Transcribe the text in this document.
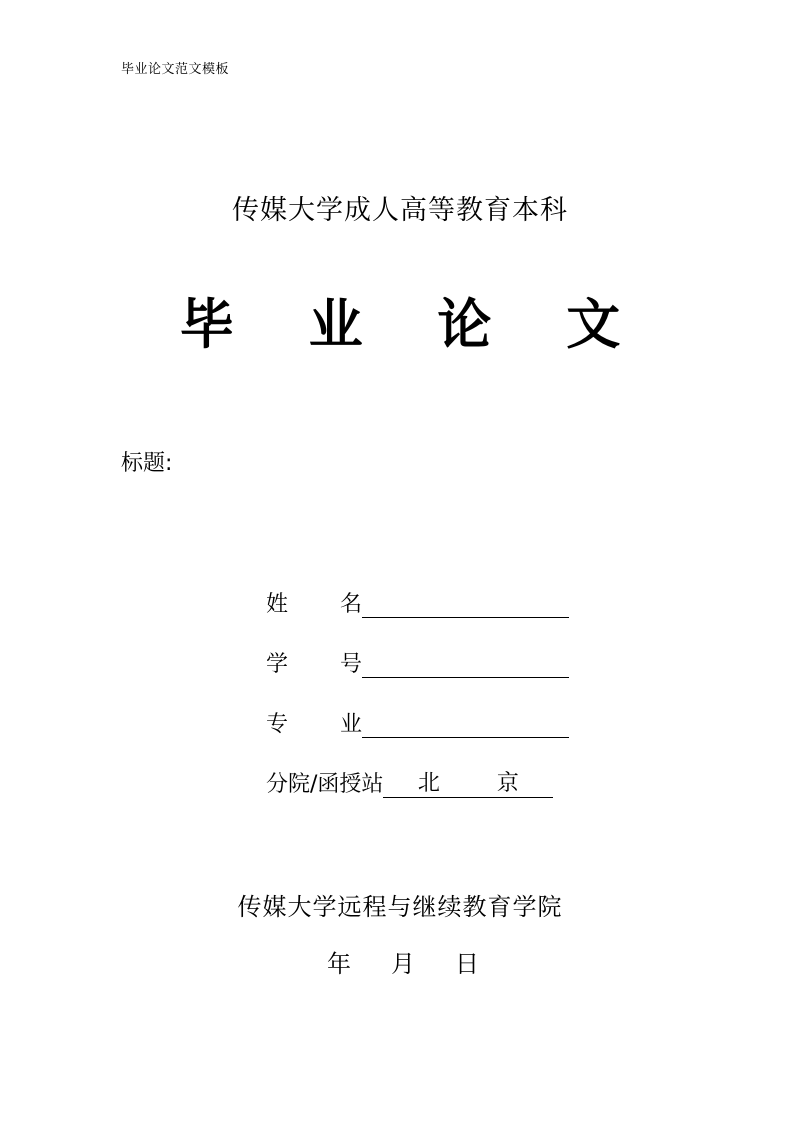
毕业论文范文模板
传媒大学成人高等教育本科
毕 业 论 文
标题:
姓 名
学 号
专 业
分院/函授站 北	京
传媒大学远程与继续教育学院
年 月 日
